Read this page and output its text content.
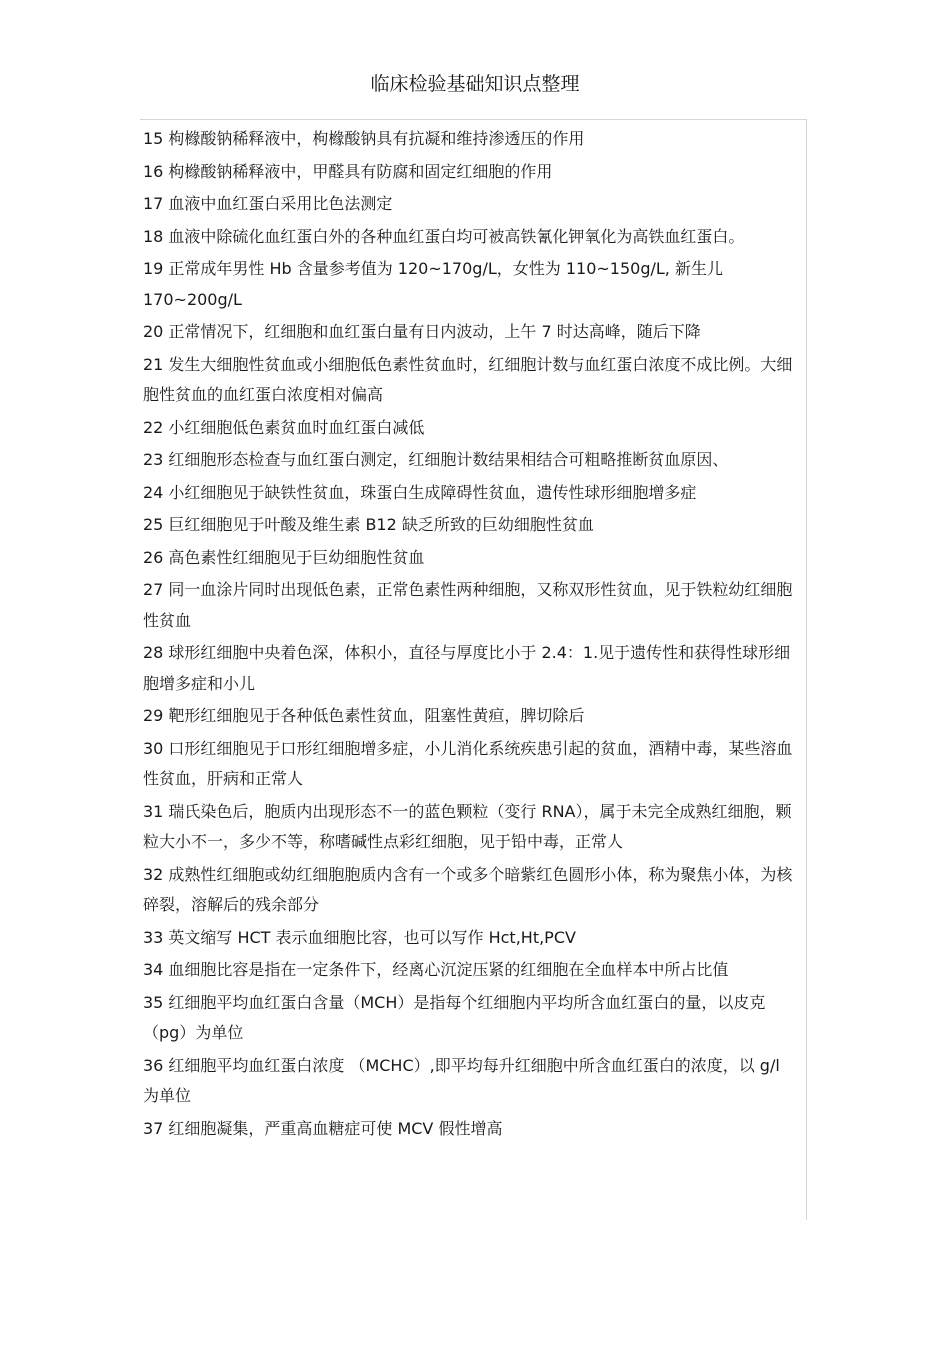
临床检验基础知识点整理
15 枸橼酸钠稀释液中，枸橼酸钠具有抗凝和维持渗透压的作用
16 枸橼酸钠稀释液中，甲醛具有防腐和固定红细胞的作用
17 血液中血红蛋白采用比色法测定
18 血液中除硫化血红蛋白外的各种血红蛋白均可被高铁氰化钾氧化为高铁血红蛋白。
19 正常成年男性 Hb 含量参考值为 120~170g/L，女性为 110~150g/L, 新生儿 170~200g/L
20 正常情况下，红细胞和血红蛋白量有日内波动，上午 7 时达高峰，随后下降
21 发生大细胞性贫血或小细胞低色素性贫血时，红细胞计数与血红蛋白浓度不成比例。大细胞性贫血的血红蛋白浓度相对偏高
22 小红细胞低色素贫血时血红蛋白减低
23 红细胞形态检查与血红蛋白测定，红细胞计数结果相结合可粗略推断贫血原因、
24 小红细胞见于缺铁性贫血，珠蛋白生成障碍性贫血，遗传性球形细胞增多症
25 巨红细胞见于叶酸及维生素 B12 缺乏所致的巨幼细胞性贫血
26 高色素性红细胞见于巨幼细胞性贫血
27 同一血涂片同时出现低色素，正常色素性两种细胞，又称双形性贫血，见于铁粒幼红细胞性贫血
28 球形红细胞中央着色深，体积小，直径与厚度比小于 2.4：1.见于遗传性和获得性球形细胞增多症和小儿
29 靶形红细胞见于各种低色素性贫血，阻塞性黄疸，脾切除后
30 口形红细胞见于口形红细胞增多症，小儿消化系统疾患引起的贫血，酒精中毒，某些溶血性贫血，肝病和正常人
31 瑞氏染色后，胞质内出现形态不一的蓝色颗粒（变行 RNA），属于未完全成熟红细胞，颗粒大小不一，多少不等，称嗜碱性点彩红细胞，见于铅中毒，正常人
32 成熟性红细胞或幼红细胞胞质内含有一个或多个暗紫红色圆形小体，称为聚焦小体，为核碎裂，溶解后的残余部分
33 英文缩写 HCT 表示血细胞比容，也可以写作 Hct,Ht,PCV
34 血细胞比容是指在一定条件下，经离心沉淀压紧的红细胞在全血样本中所占比值
35 红细胞平均血红蛋白含量（MCH）是指每个红细胞内平均所含血红蛋白的量，以皮克（pg）为单位
36 红细胞平均血红蛋白浓度 （MCHC）,即平均每升红细胞中所含血红蛋白的浓度，以 g/l 为单位
37 红细胞凝集，严重高血糖症可使 MCV 假性增高
